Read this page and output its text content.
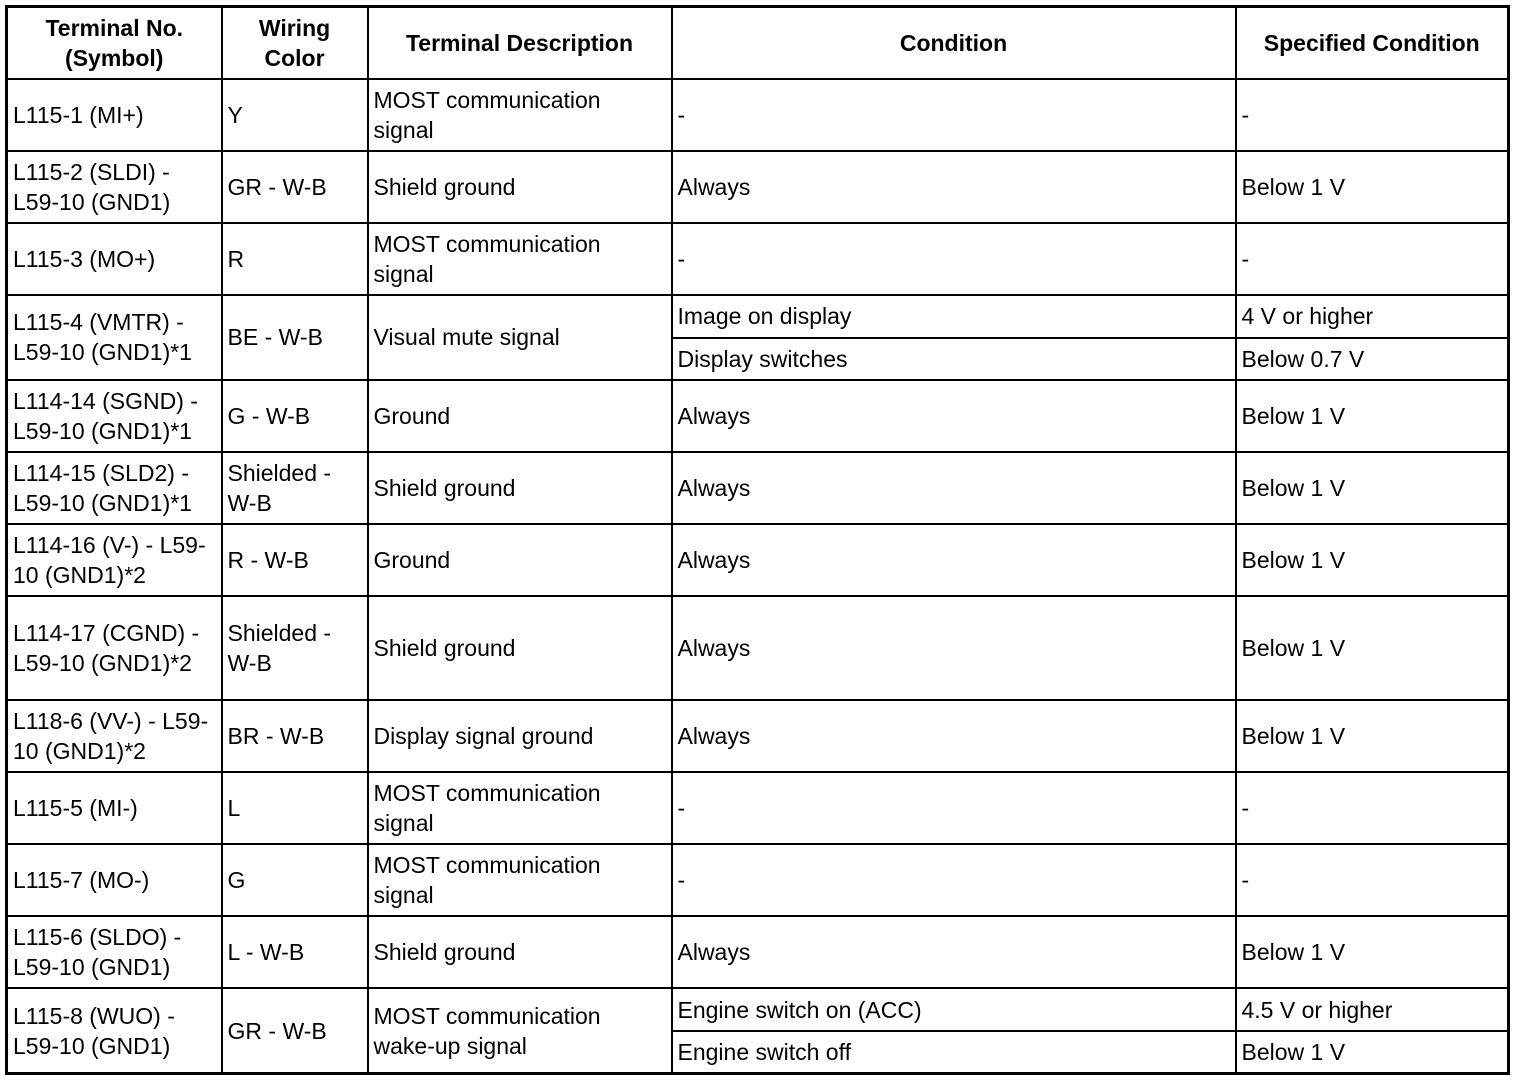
Terminal No. (Symbol)	Wiring Color	Terminal Description	Condition	Specified Condition
L115-1 (MI+)	Y	MOST communication signal	-	-
L115-2 (SLDI) - L59-10 (GND1)	GR - W-B	Shield ground	Always	Below 1 V
L115-3 (MO+)	R	MOST communication signal	-	-
L115-4 (VMTR) - L59-10 (GND1)*1	BE - W-B	Visual mute signal	Image on display	4 V or higher
			Display switches	Below 0.7 V
L114-14 (SGND) - L59-10 (GND1)*1	G - W-B	Ground	Always	Below 1 V
L114-15 (SLD2) - L59-10 (GND1)*1	Shielded - W-B	Shield ground	Always	Below 1 V
L114-16 (V-) - L59-10 (GND1)*2	R - W-B	Ground	Always	Below 1 V
L114-17 (CGND) - L59-10 (GND1)*2	Shielded - W-B	Shield ground	Always	Below 1 V
L118-6 (VV-) - L59-10 (GND1)*2	BR - W-B	Display signal ground	Always	Below 1 V
L115-5 (MI-)	L	MOST communication signal	-	-
L115-7 (MO-)	G	MOST communication signal	-	-
L115-6 (SLDO) - L59-10 (GND1)	L - W-B	Shield ground	Always	Below 1 V
L115-8 (WUO) - L59-10 (GND1)	GR - W-B	MOST communication wake-up signal	Engine switch on (ACC)	4.5 V or higher
			Engine switch off	Below 1 V
